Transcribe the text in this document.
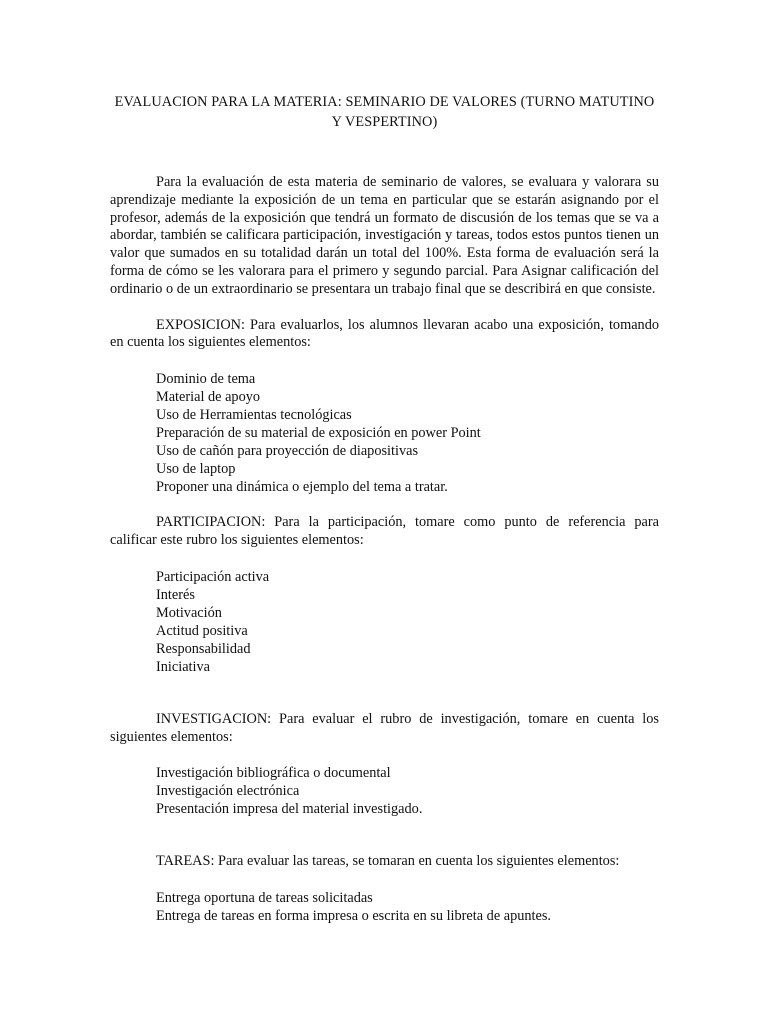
EVALUACION PARA LA MATERIA: SEMINARIO DE VALORES (TURNO MATUTINO Y VESPERTINO)

Para la evaluación de esta materia de seminario de valores, se evaluara y valorara su aprendizaje mediante la exposición de un tema en particular que se estarán asignando por el profesor, además de la exposición que tendrá un formato de discusión de los temas que se va a abordar, también se calificara participación, investigación y tareas, todos estos puntos tienen un valor que sumados en su totalidad darán un total del 100%. Esta forma de evaluación será la forma de cómo se les valorara para el primero y segundo parcial. Para Asignar calificación del ordinario o de un extraordinario se presentara un trabajo final que se describirá en que consiste.

EXPOSICION: Para evaluarlos, los alumnos llevaran acabo una exposición, tomando en cuenta los siguientes elementos:

Dominio de tema
Material de apoyo
Uso de Herramientas tecnológicas
Preparación de su material de exposición en power Point
Uso de cañón para proyección de diapositivas
Uso de laptop
Proponer una dinámica o ejemplo del tema a tratar.

PARTICIPACION: Para la participación, tomare como punto de referencia para calificar este rubro los siguientes elementos:

Participación activa
Interés
Motivación
Actitud positiva
Responsabilidad
Iniciativa

INVESTIGACION: Para evaluar el rubro de investigación, tomare en cuenta los siguientes elementos:

Investigación bibliográfica o documental
Investigación electrónica
Presentación impresa del material investigado.

TAREAS: Para evaluar las tareas, se tomaran en cuenta los siguientes elementos:

Entrega oportuna de tareas solicitadas
Entrega de tareas en forma impresa o escrita en su libreta de apuntes.
